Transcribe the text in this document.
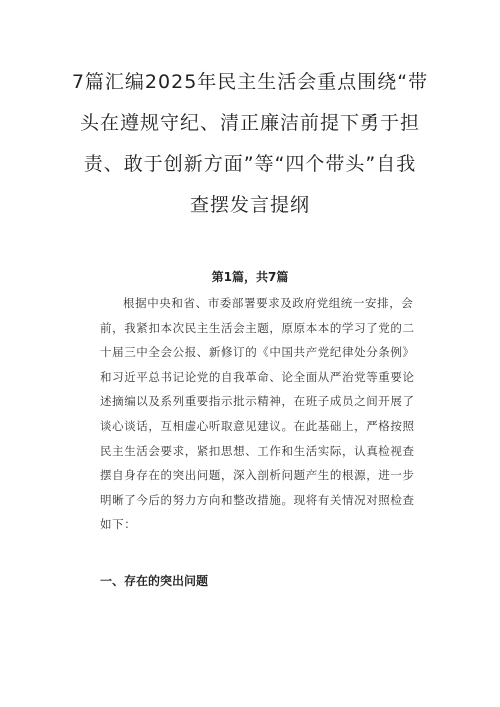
7篇汇编2025年民主生活会重点围绕“带
头在遵规守纪、清正廉洁前提下勇于担
责、敢于创新方面”等“四个带头”自我
查摆发言提纲
第1篇，共7篇
根据中央和省、市委部署要求及政府党组统一安排，会
前，我紧扣本次民主生活会主题，原原本本的学习了党的二
十届三中全会公报、新修订的《中国共产党纪律处分条例》
和习近平总书记论党的自我革命、论全面从严治党等重要论
述摘编以及系列重要指示批示精神，在班子成员之间开展了
谈心谈话，互相虚心听取意见建议。在此基础上，严格按照
民主生活会要求，紧扣思想、工作和生活实际，认真检视查
摆自身存在的突出问题，深入剖析问题产生的根源，进一步
明晰了今后的努力方向和整改措施。现将有关情况对照检查
如下：
一、存在的突出问题
